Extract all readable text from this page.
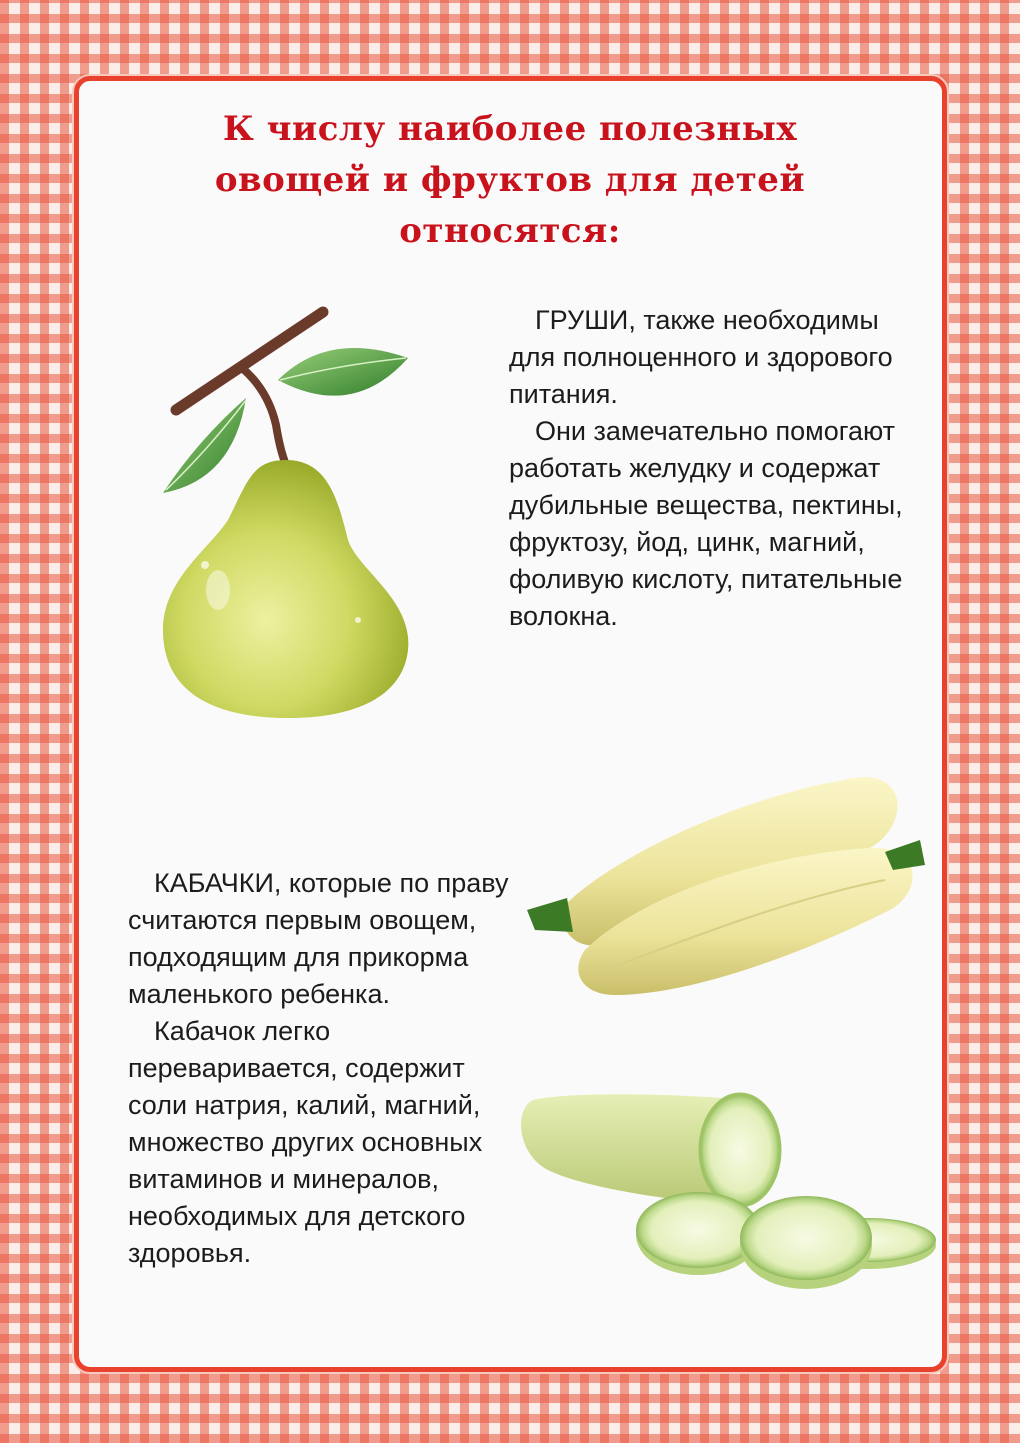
К числу наиболее полезных
овощей и фруктов для детей
относятся:

ГРУШИ, также необходимы для полноценного и здорового питания.

Они замечательно помогают работать желудку и содержат дубильные вещества, пектины, фруктозу, йод, цинк, магний, фоливую кислоту, питательные волокна.

КАБАЧКИ, которые по праву считаются первым овощем, подходящим для прикорма маленького ребенка.

Кабачок легко переваривается, содержит соли натрия, калий, магний, множество других основных витаминов и минералов, необходимых для детского здоровья.
